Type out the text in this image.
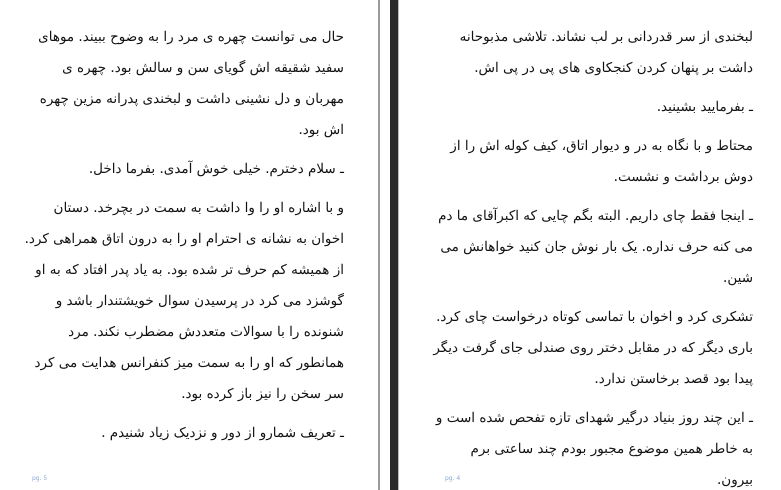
حال می توانست چهره ی مرد را به وضوح ببیند. موهای سفید شقیقه اش گویای سن و سالش بود. چهره ی مهربان و دل نشینی داشت و لبخندی پدرانه مزین چهره اش بود.

ـ سلام دخترم. خیلی خوش آمدی. بفرما داخل.

و با اشاره او را وا داشت به سمت در بچرخد. دستان اخوان به نشانه ی احترام او را به درون اتاق همراهی کرد. از همیشه کم حرف تر شده بود. به یاد پدر افتاد که به او گوشزد می کرد در پرسیدن سوال خویشتندار باشد و شنونده را با سوالات متعددش مضطرب نکند. مرد همانطور که او را به سمت میز کنفرانس هدایت می کرد سر سخن را نیز باز کرده بود.

ـ تعریف شمارو از دور و نزدیک زیاد شنیدم .

pg. 5

لبخندی از سر قدردانی بر لب نشاند. تلاشی مذبوحانه داشت بر پنهان کردن کنجکاوی های پی در پی اش.

ـ بفرمایید بشینید.

محتاط و با نگاه به در و دیوار اتاق، کیف کوله اش را از دوش برداشت و نشست.

ـ اینجا فقط چای داریم. البته بگم چایی که اکبرآقای ما دم می کنه حرف نداره. یک بار نوش جان کنید خواهانش می شین.

تشکری کرد و اخوان با تماسی کوتاه درخواست چای کرد. باری دیگر که در مقابل دختر روی صندلی جای گرفت دیگر پیدا بود قصد برخاستن ندارد.

ـ این چند روز بنیاد درگیر شهدای تازه تفحص شده است و به خاطر همین موضوع مجبور بودم چند ساعتی برم بیرون.

pg. 4
